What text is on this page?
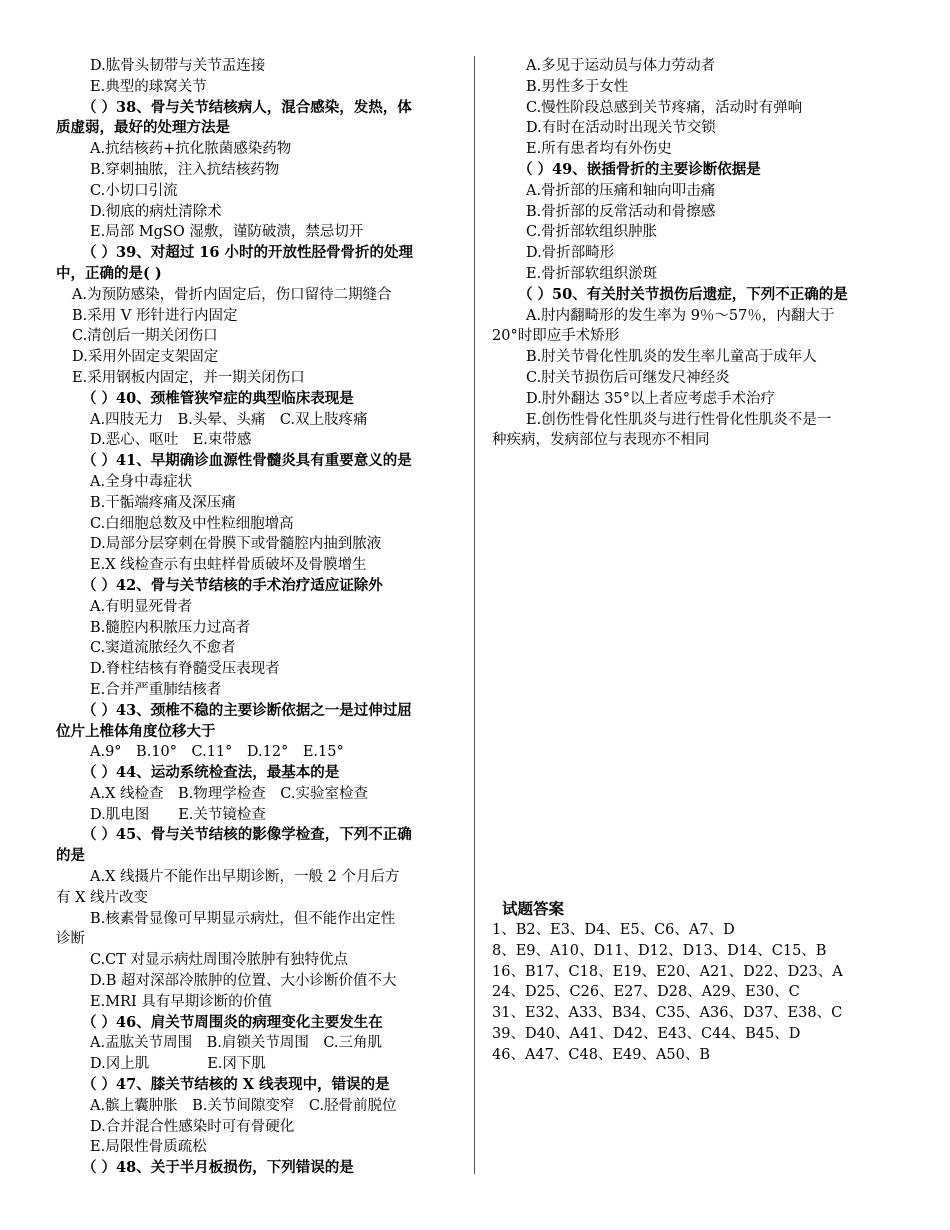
D.肱骨头韧带与关节盂连接
E.典型的球窝关节
（ ）38、骨与关节结核病人，混合感染，发热，体
质虚弱，最好的处理方法是
A.抗结核药+抗化脓菌感染药物
B.穿刺抽脓，注入抗结核药物
C.小切口引流
D.彻底的病灶清除术
E.局部 MgSO 湿敷，谨防破溃，禁忌切开
（ ）39、对超过 16 小时的开放性胫骨骨折的处理
中，正确的是( )
A.为预防感染，骨折内固定后，伤口留待二期缝合
B.采用 V 形针进行内固定
C.清创后一期关闭伤口
D.采用外固定支架固定
E.采用钢板内固定，并一期关闭伤口
（ ）40、颈椎管狭窄症的典型临床表现是
A.四肢无力　B.头晕、头痛　C.双上肢疼痛
D.恶心、呕吐　E.束带感
（ ）41、早期确诊血源性骨髓炎具有重要意义的是
A.全身中毒症状
B.干骺端疼痛及深压痛
C.白细胞总数及中性粒细胞增高
D.局部分层穿刺在骨膜下或骨髓腔内抽到脓液
E.X 线检查示有虫蛀样骨质破坏及骨膜增生
（ ）42、骨与关节结核的手术治疗适应证除外
A.有明显死骨者
B.髓腔内积脓压力过高者
C.窦道流脓经久不愈者
D.脊柱结核有脊髓受压表现者
E.合并严重肺结核者
（ ）43、颈椎不稳的主要诊断依据之一是过伸过屈
位片上椎体角度位移大于
A.9°　B.10°　C.11°　D.12°　E.15°
（ ）44、运动系统检查法，最基本的是
A.X 线检查　B.物理学检查　C.实验室检查
D.肌电图　　E.关节镜检查
（ ）45、骨与关节结核的影像学检查，下列不正确
的是
A.X 线摄片不能作出早期诊断，一般 2 个月后方
有 X 线片改变
B.核素骨显像可早期显示病灶，但不能作出定性
诊断
C.CT 对显示病灶周围冷脓肿有独特优点
D.B 超对深部冷脓肿的位置、大小诊断价值不大
E.MRI 具有早期诊断的价值
（ ）46、肩关节周围炎的病理变化主要发生在
A.盂肱关节周围　B.肩锁关节周围　C.三角肌
D.冈上肌　　　　E.冈下肌
（ ）47、膝关节结核的 X 线表现中，错误的是
A.髌上囊肿胀　B.关节间隙变窄　C.胫骨前脱位
D.合并混合性感染时可有骨硬化
E.局限性骨质疏松
（ ）48、关于半月板损伤，下列错误的是
A.多见于运动员与体力劳动者
B.男性多于女性
C.慢性阶段总感到关节疼痛，活动时有弹响
D.有时在活动时出现关节交锁
E.所有患者均有外伤史
（ ）49、嵌插骨折的主要诊断依据是
A.骨折部的压痛和轴向叩击痛
B.骨折部的反常活动和骨擦感
C.骨折部软组织肿胀
D.骨折部畸形
E.骨折部软组织淤斑
（ ）50、有关肘关节损伤后遗症，下列不正确的是
A.肘内翻畸形的发生率为 9％～57％，内翻大于
20°时即应手术矫形
B.肘关节骨化性肌炎的发生率儿童高于成年人
C.肘关节损伤后可继发尺神经炎
D.肘外翻达 35°以上者应考虑手术治疗
E.创伤性骨化性肌炎与进行性骨化性肌炎不是一
种疾病，发病部位与表现亦不相同
试题答案
1、B2、E3、D4、E5、C6、A7、D
8、E9、A10、D11、D12、D13、D14、C15、B
16、B17、C18、E19、E20、A21、D22、D23、A
24、D25、C26、E27、D28、A29、E30、C
31、E32、A33、B34、C35、A36、D37、E38、C
39、D40、A41、D42、E43、C44、B45、D
46、A47、C48、E49、A50、B
